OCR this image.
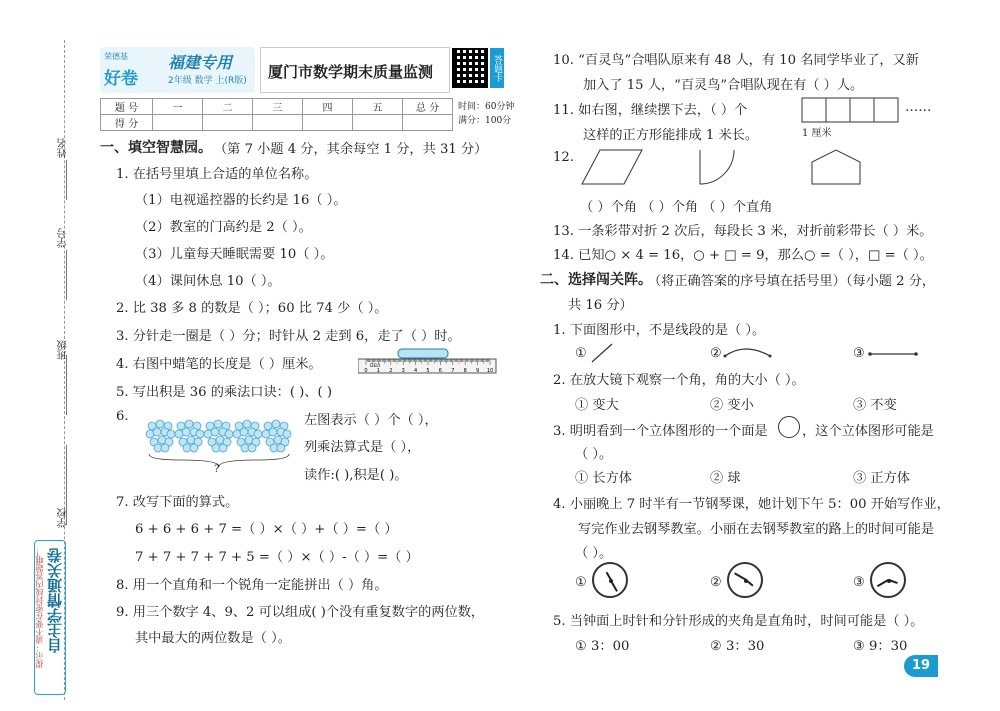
姓名
学号
班级
学校
自主学情通关卷
提示：请不要在密封线内答题哦！
荣德基
好卷
福建专用
2年级 数学 上(R版) 厦门市数学期末质量监测	答题卡
题 号	一	二	三	四	五	总 分
得 分						
时间：60分钟
满分：100分
一、填空智慧园。 （第 7 小题 4 分，其余每空 1 分，共 31 分）
1. 在括号里填上合适的单位名称。
（1）电视遥控器的长约是 16（ ）。
（2）教室的门高约是 2（ ）。
（3）儿童每天睡眠需要 10（ ）。
（4）课间休息 10（ ）。
2. 比 38 多 8 的数是（ ）；60 比 74 少（ ）。
3. 分针走一圈是（ ）分；时针从 2 走到 6，走了（ ）时。
4. 右图中蜡笔的长度是（ ）厘米。	0 1 2 3 4 5 6 7 8 9 10
DELI
5. 写出积是 36 的乘法口诀：( )、( )
6.
?
左图表示（ ）个（ ），
列乘法算式是（ ），
读作:( ),积是( )。
7. 改写下面的算式。
6 + 6 + 6 + 7 =（ ）×（ ）+（ ）=（ ）
7 + 7 + 7 + 7 + 5 =（ ）×（ ）-（ ）=（ ）
8. 用一个直角和一个锐角一定能拼出（ ）角。
9. 用三个数字 4、9、2 可以组成( )个没有重复数字的两位数，
其中最大的两位数是（ ）。
10. “百灵鸟”合唱队原来有 48 人，有 10 名同学毕业了，又新
加入了 15 人，“百灵鸟”合唱队现在有（ ）人。
11. 如右图，继续摆下去，（ ）个
这样的正方形能排成 1 米长。
……
1 厘米
12.
（ ）个角 （ ）个角 （ ）个直角
13. 一条彩带对折 2 次后，每段长 3 米，对折前彩带长（ ）米。
14. 已知○ × 4 = 16，○ + □ = 9，那么○ =（ ），□ =（ ）。
二、选择闯关阵。
（将正确答案的序号填在括号里）（每小题 2 分，
共 16 分）
1. 下面图形中，不是线段的是（ ）。
①	②	③
2. 在放大镜下观察一个角，角的大小（ ）。
① 变大	② 变小	③ 不变
3. 明明看到一个立体图形的一个面是	，这个立体图形可能是
（ ）。
① 长方体	② 球	③ 正方体
4. 小丽晚上 7 时半有一节钢琴课，她计划下午 5：00 开始写作业，
写完作业去钢琴教室。小丽在去钢琴教室的路上的时间可能是
（ ）。
①	②	③
5. 当钟面上时针和分针形成的夹角是直角时，时间可能是（ ）。
① 3：00	② 3：30	③ 9：30
19
